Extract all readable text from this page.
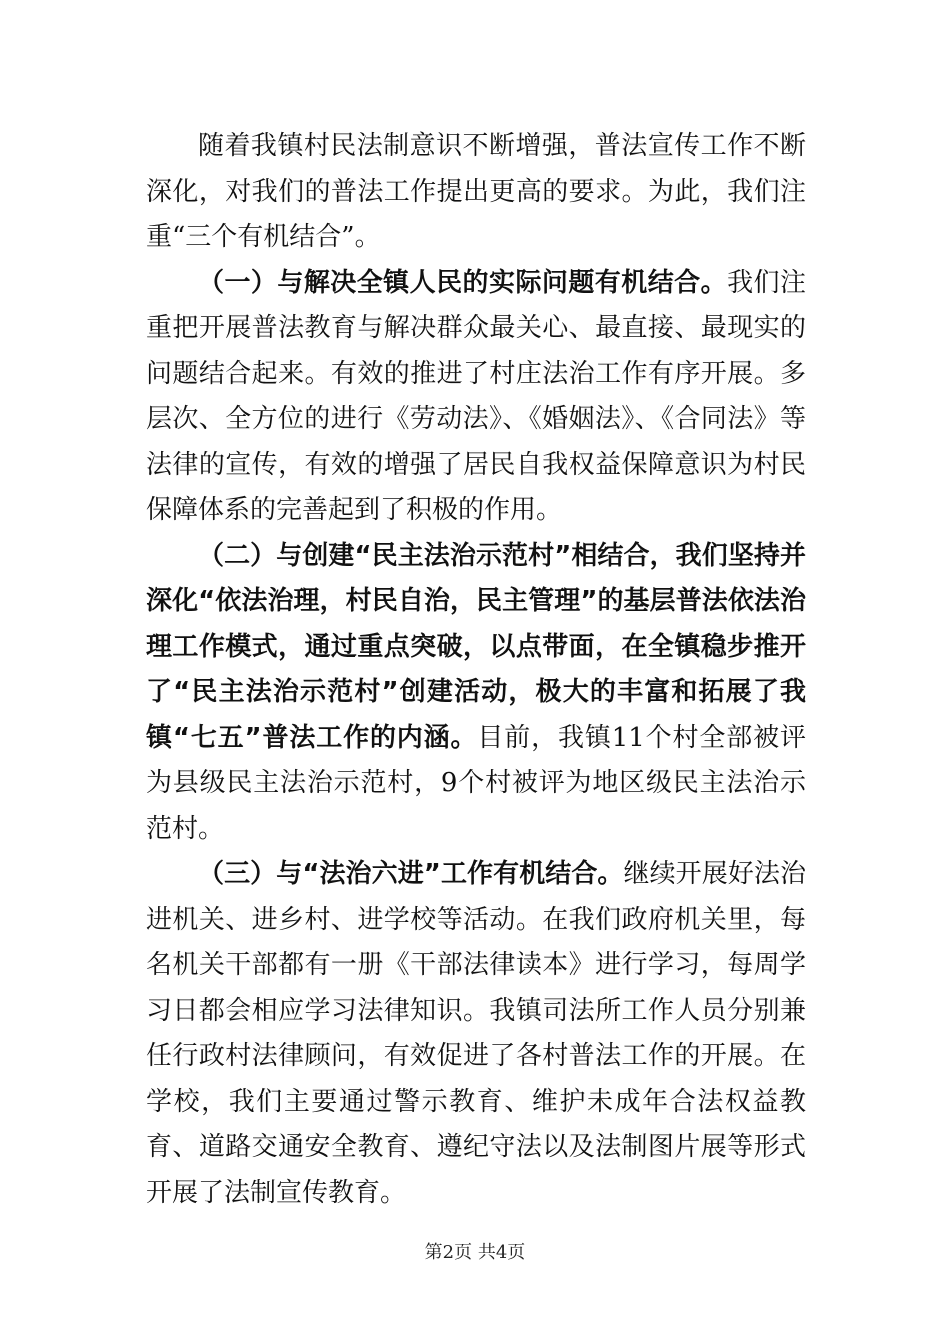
随着我镇村民法制意识不断增强，普法宣传工作不断深化，对我们的普法工作提出更高的要求。为此，我们注重“三个有机结合”。

（一）与解决全镇人民的实际问题有机结合。我们注重把开展普法教育与解决群众最关心、最直接、最现实的问题结合起来。有效的推进了村庄法治工作有序开展。多层次、全方位的进行《劳动法》、《婚姻法》、《合同法》等法律的宣传，有效的增强了居民自我权益保障意识为村民保障体系的完善起到了积极的作用。

（二）与创建“民主法治示范村”相结合，我们坚持并深化“依法治理，村民自治，民主管理”的基层普法依法治理工作模式，通过重点突破，以点带面，在全镇稳步推开了“民主法治示范村”创建活动，极大的丰富和拓展了我镇“七五”普法工作的内涵。目前，我镇11个村全部被评为县级民主法治示范村，9个村被评为地区级民主法治示范村。

（三）与“法治六进”工作有机结合。继续开展好法治进机关、进乡村、进学校等活动。在我们政府机关里，每名机关干部都有一册《干部法律读本》进行学习，每周学习日都会相应学习法律知识。我镇司法所工作人员分别兼任行政村法律顾问，有效促进了各村普法工作的开展。在学校，我们主要通过警示教育、维护未成年合法权益教育、道路交通安全教育、遵纪守法以及法制图片展等形式开展了法制宣传教育。

第2页 共4页
